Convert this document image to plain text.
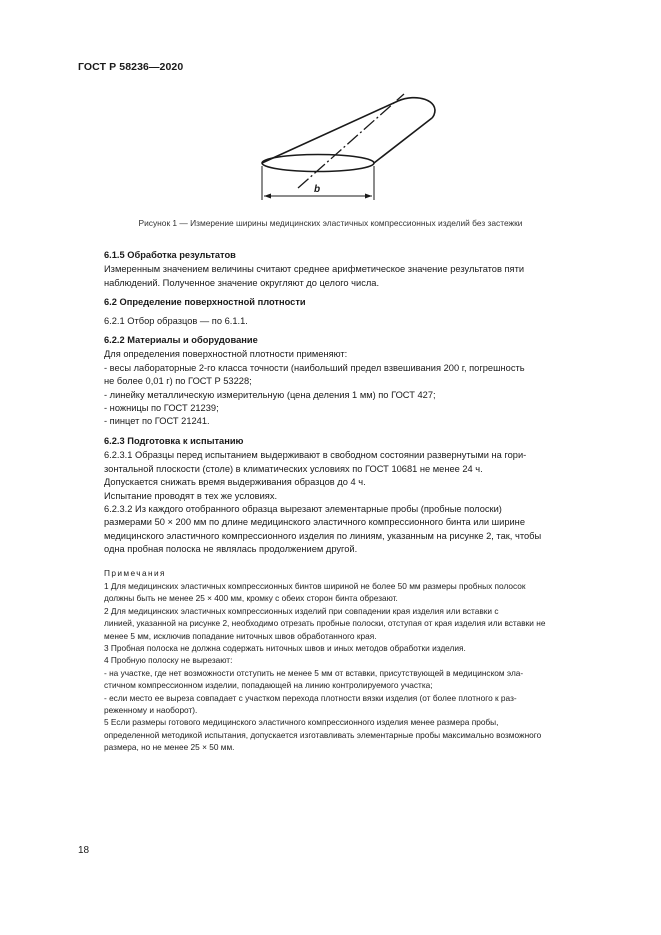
ГОСТ Р 58236—2020
b
Рисунок 1 — Измерение ширины медицинских эластичных компрессионных изделий без застежки

6.1.5 Обработка результатов

Измеренным значением величины считают среднее арифметическое значение результатов пяти
наблюдений. Полученное значение округляют до целого числа.

6.2 Определение поверхностной плотности

6.2.1 Отбор образцов — по 6.1.1.

6.2.2 Материалы и оборудование

Для определения поверхностной плотности применяют:

- весы лабораторные 2-го класса точности (наибольший предел взвешивания 200 г, погрешность
не более 0,01 г) по ГОСТ Р 53228;

- линейку металлическую измерительную (цена деления 1 мм) по ГОСТ 427;

- ножницы по ГОСТ 21239;

- пинцет по ГОСТ 21241.

6.2.3 Подготовка к испытанию

6.2.3.1 Образцы перед испытанием выдерживают в свободном состоянии развернутыми на гори-
зонтальной плоскости (столе) в климатических условиях по ГОСТ 10681 не менее 24 ч.

Допускается снижать время выдерживания образцов до 4 ч.

Испытание проводят в тех же условиях.

6.2.3.2 Из каждого отобранного образца вырезают элементарные пробы (пробные полоски)
размерами 50 × 200 мм по длине медицинского эластичного компрессионного бинта или ширине
медицинского эластичного компрессионного изделия по линиям, указанным на рисунке 2, так, чтобы
одна пробная полоска не являлась продолжением другой.

Примечания

1 Для медицинских эластичных компрессионных бинтов шириной не более 50 мм размеры пробных полосок
должны быть не менее 25 × 400 мм, кромку с обеих сторон бинта обрезают.

2 Для медицинских эластичных компрессионных изделий при совпадении края изделия или вставки с
линией, указанной на рисунке 2, необходимо отрезать пробные полоски, отступая от края изделия или вставки не
менее 5 мм, исключив попадание ниточных швов обработанного края.

3 Пробная полоска не должна содержать ниточных швов и иных методов обработки изделия.

4 Пробную полоску не вырезают:

- на участке, где нет возможности отступить не менее 5 мм от вставки, присутствующей в медицинском эла-
стичном компрессионном изделии, попадающей на линию контролируемого участка;

- если место ее выреза совпадает с участком перехода плотности вязки изделия (от более плотного к раз-
реженному и наоборот).

5 Если размеры готового медицинского эластичного компрессионного изделия менее размера пробы,
определенной методикой испытания, допускается изготавливать элементарные пробы максимально возможного
размера, но не менее 25 × 50 мм.

18
